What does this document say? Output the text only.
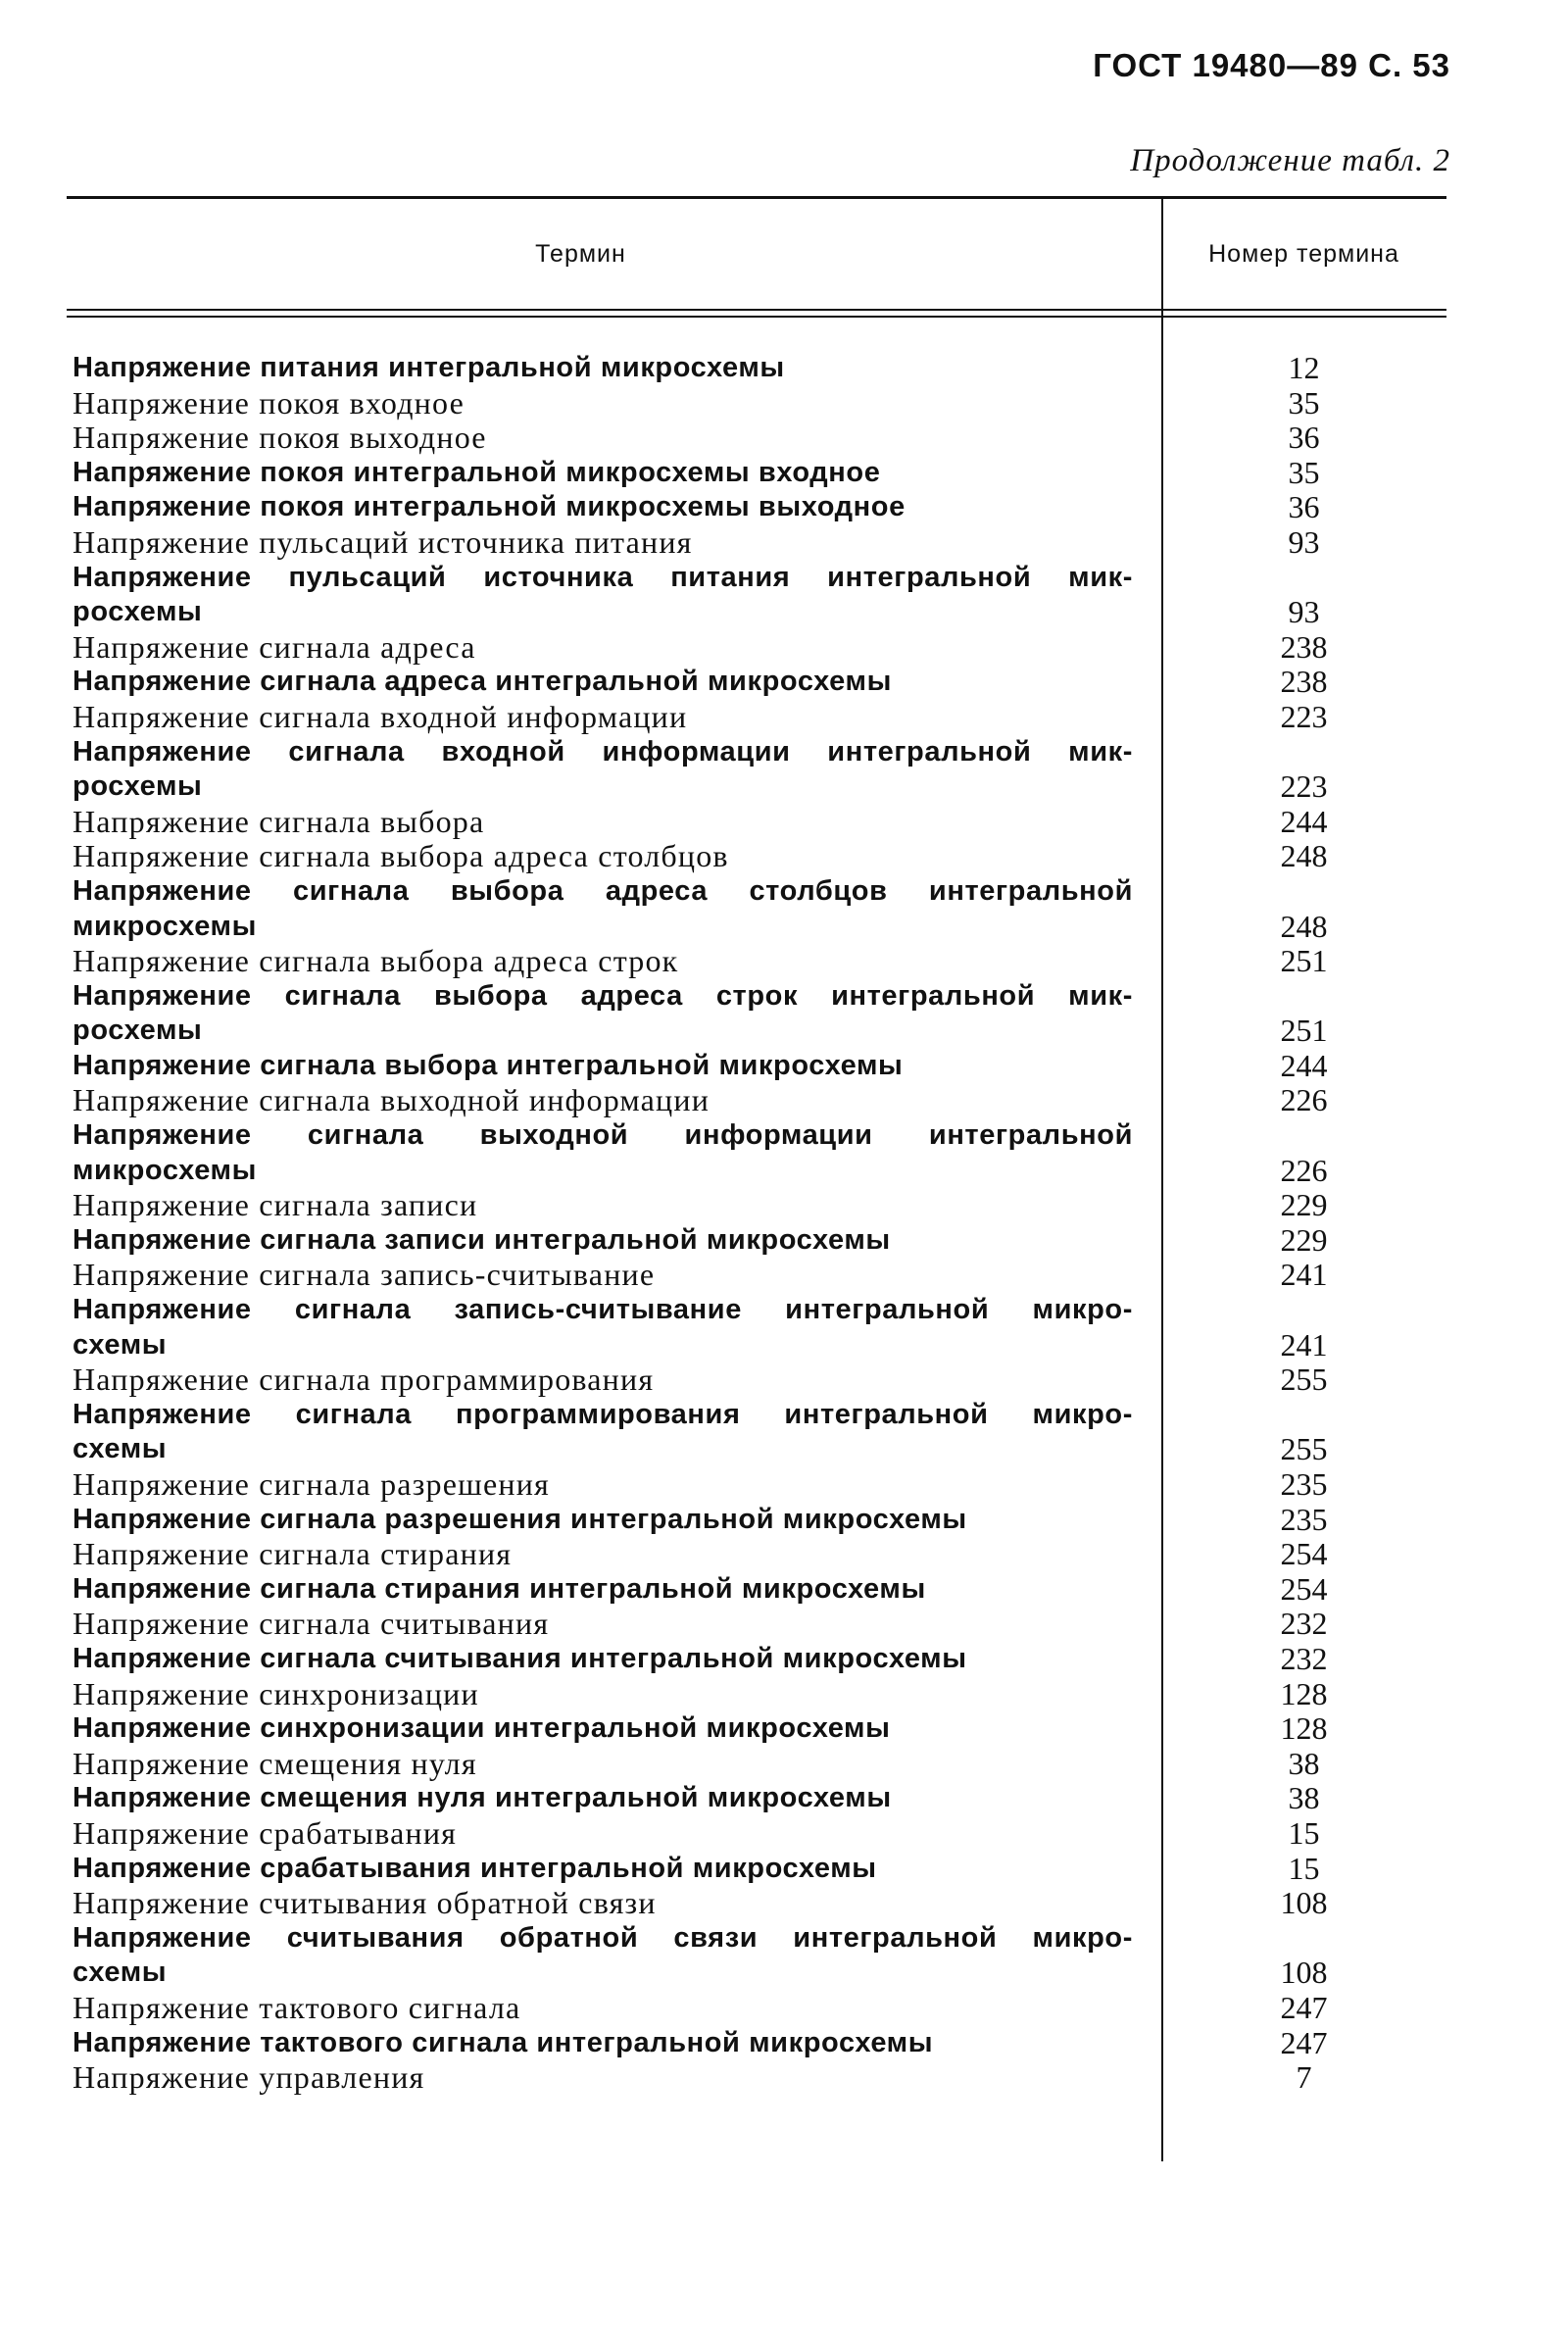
ГОСТ 19480—89 С. 53
Продолжение табл. 2
Термин	Номер термина
Напряжение питания интегральной микросхемы	12
Напряжение покоя входное	35
Напряжение покоя выходное	36
Напряжение покоя интегральной микросхемы входное	35
Напряжение покоя интегральной микросхемы выходное	36
Напряжение пульсаций источника питания	93
Напряжение пульсаций источника питания интегральной мик-
росхемы	93
Напряжение сигнала адреса	238
Напряжение сигнала адреса интегральной микросхемы	238
Напряжение сигнала входной информации	223
Напряжение сигнала входной информации интегральной мик-
росхемы	223
Напряжение сигнала выбора	244
Напряжение сигнала выбора адреса столбцов	248
Напряжение сигнала выбора адреса столбцов интегральной
микросхемы	248
Напряжение сигнала выбора адреса строк	251
Напряжение сигнала выбора адреса строк интегральной мик-
росхемы	251
Напряжение сигнала выбора интегральной микросхемы	244
Напряжение сигнала выходной информации	226
Напряжение сигнала выходной информации интегральной
микросхемы	226
Напряжение сигнала записи	229
Напряжение сигнала записи интегральной микросхемы	229
Напряжение сигнала запись-считывание	241
Напряжение сигнала запись-считывание интегральной микро-
схемы	241
Напряжение сигнала программирования	255
Напряжение сигнала программирования интегральной микро-
схемы	255
Напряжение сигнала разрешения	235
Напряжение сигнала разрешения интегральной микросхемы	235
Напряжение сигнала стирания	254
Напряжение сигнала стирания интегральной микросхемы	254
Напряжение сигнала считывания	232
Напряжение сигнала считывания интегральной микросхемы	232
Напряжение синхронизации	128
Напряжение синхронизации интегральной микросхемы	128
Напряжение смещения нуля	38
Напряжение смещения нуля интегральной микросхемы	38
Напряжение срабатывания	15
Напряжение срабатывания интегральной микросхемы	15
Напряжение считывания обратной связи	108
Напряжение считывания обратной связи интегральной микро-
схемы	108
Напряжение тактового сигнала	247
Напряжение тактового сигнала интегральной микросхемы	247
Напряжение управления	7
